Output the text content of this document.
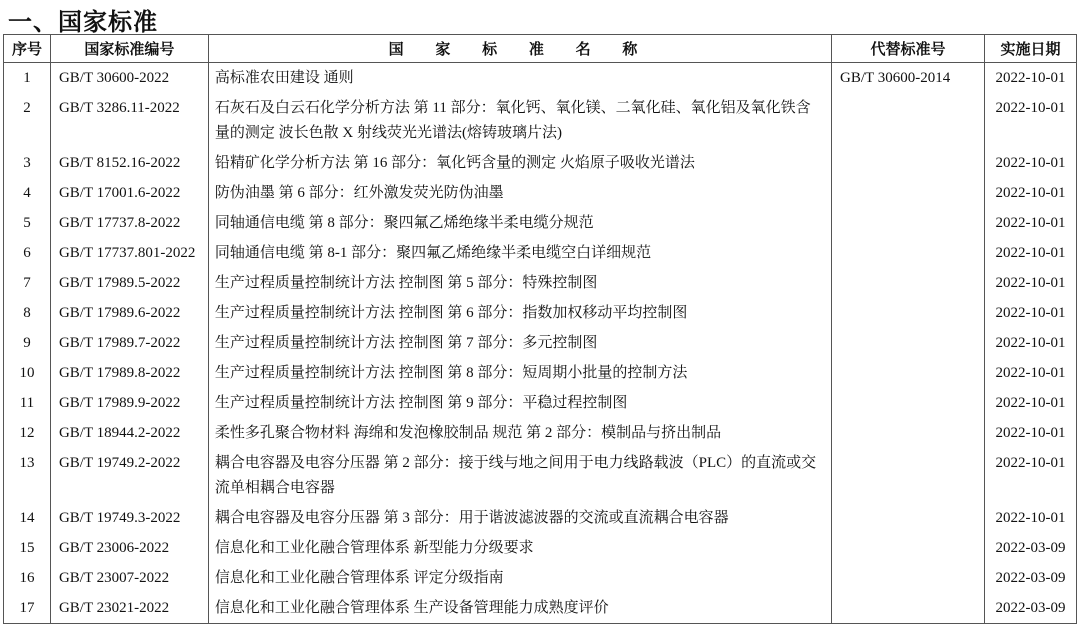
一、国家标准
序号	国家标准编号	国 家 标 准 名 称	代替标准号	实施日期
1	GB/T 30600-2022	高标准农田建设 通则	GB/T 30600-2014	2022-10-01
2	GB/T 3286.11-2022	石灰石及白云石化学分析方法 第 11 部分：氧化钙、氧化镁、二氧化硅、氧化铝及氧化铁含量的测定 波长色散 X 射线荧光光谱法(熔铸玻璃片法)		2022-10-01
3	GB/T 8152.16-2022	铅精矿化学分析方法 第 16 部分：氧化钙含量的测定 火焰原子吸收光谱法		2022-10-01
4	GB/T 17001.6-2022	防伪油墨 第 6 部分：红外激发荧光防伪油墨		2022-10-01
5	GB/T 17737.8-2022	同轴通信电缆 第 8 部分：聚四氟乙烯绝缘半柔电缆分规范		2022-10-01
6	GB/T 17737.801-2022	同轴通信电缆 第 8-1 部分：聚四氟乙烯绝缘半柔电缆空白详细规范		2022-10-01
7	GB/T 17989.5-2022	生产过程质量控制统计方法 控制图 第 5 部分：特殊控制图		2022-10-01
8	GB/T 17989.6-2022	生产过程质量控制统计方法 控制图 第 6 部分：指数加权移动平均控制图		2022-10-01
9	GB/T 17989.7-2022	生产过程质量控制统计方法 控制图 第 7 部分：多元控制图		2022-10-01
10	GB/T 17989.8-2022	生产过程质量控制统计方法 控制图 第 8 部分：短周期小批量的控制方法		2022-10-01
11	GB/T 17989.9-2022	生产过程质量控制统计方法 控制图 第 9 部分：平稳过程控制图		2022-10-01
12	GB/T 18944.2-2022	柔性多孔聚合物材料 海绵和发泡橡胶制品 规范 第 2 部分：模制品与挤出制品		2022-10-01
13	GB/T 19749.2-2022	耦合电容器及电容分压器 第 2 部分：接于线与地之间用于电力线路载波（PLC）的直流或交流单相耦合电容器		2022-10-01
14	GB/T 19749.3-2022	耦合电容器及电容分压器 第 3 部分：用于谐波滤波器的交流或直流耦合电容器		2022-10-01
15	GB/T 23006-2022	信息化和工业化融合管理体系 新型能力分级要求		2022-03-09
16	GB/T 23007-2022	信息化和工业化融合管理体系 评定分级指南		2022-03-09
17	GB/T 23021-2022	信息化和工业化融合管理体系 生产设备管理能力成熟度评价		2022-03-09
